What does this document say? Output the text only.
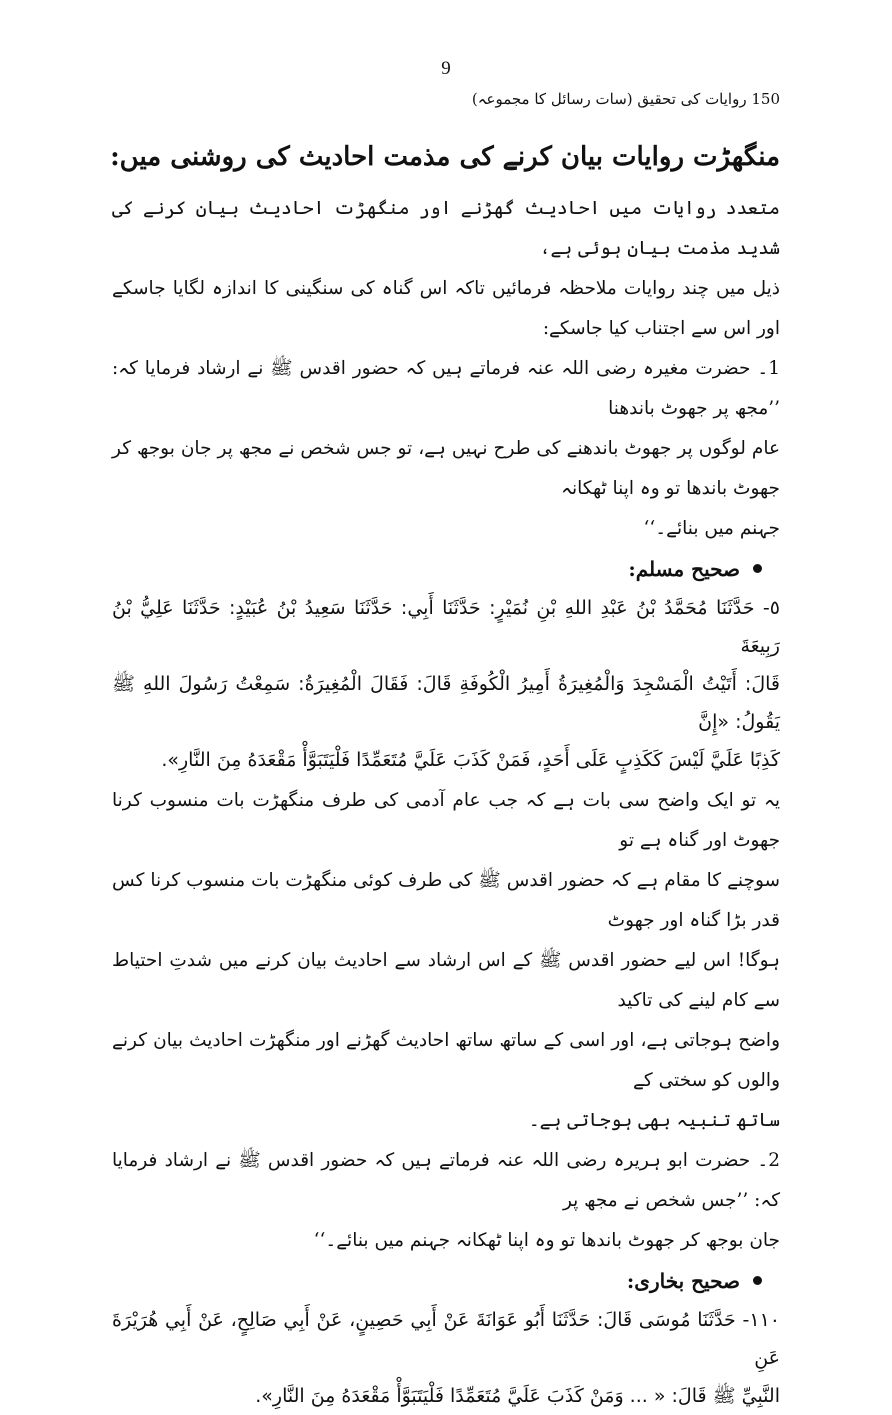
9
150 روایات کی تحقیق (سات رسائل کا مجموعہ)
منگھڑت روایات بیان کرنے کی مذمت احادیث کی روشنی میں:

متعدد روایات میں احادیث گھڑنے اور منگھڑت احادیث بیان کرنے کی شدید مذمت بیان ہوئی ہے،

ذیل میں چند روایات ملاحظہ فرمائیں تاکہ اس گناہ کی سنگینی کا اندازہ لگایا جاسکے اور اس سے اجتناب کیا جاسکے:

1۔ حضرت مغیرہ رضی اللہ عنہ فرماتے ہیں کہ حضور اقدس ﷺ نے ارشاد فرمایا کہ: ’’مجھ پر جھوٹ باندھنا

عام لوگوں پر جھوٹ باندھنے کی طرح نہیں ہے، تو جس شخص نے مجھ پر جان بوجھ کر جھوٹ باندھا تو وہ اپنا ٹھکانہ

جہنم میں بنائے۔‘‘

صحیح مسلم:

٥- حَدَّثَنَا مُحَمَّدُ بْنُ عَبْدِ اللهِ بْنِ نُمَيْرٍ: حَدَّثَنَا أَبِي: حَدَّثَنَا سَعِيدُ بْنُ عُبَيْدٍ: حَدَّثَنَا عَلِيُّ بْنُ رَبِيعَةَ

قَالَ: أَتَيْتُ الْمَسْجِدَ وَالْمُغِيرَةُ أَمِيرُ الْكُوفَةِ قَالَ: فَقَالَ الْمُغِيرَةُ: سَمِعْتُ رَسُولَ اللهِ ﷺ يَقُولُ: «إِنَّ

كَذِبًا عَلَيَّ لَيْسَ كَكَذِبٍ عَلَى أَحَدٍ، فَمَنْ كَذَبَ عَلَيَّ مُتَعَمِّدًا فَلْيَتَبَوَّأْ مَقْعَدَهُ مِنَ النَّارِ».

یہ تو ایک واضح سی بات ہے کہ جب عام آدمی کی طرف منگھڑت بات منسوب کرنا جھوٹ اور گناہ ہے تو

سوچنے کا مقام ہے کہ حضور اقدس ﷺ کی طرف کوئی منگھڑت بات منسوب کرنا کس قدر بڑا گناہ اور جھوٹ

ہوگا! اس لیے حضور اقدس ﷺ کے اس ارشاد سے احادیث بیان کرنے میں شدتِ احتیاط سے کام لینے کی تاکید

واضح ہوجاتی ہے، اور اسی کے ساتھ ساتھ احادیث گھڑنے اور منگھڑت احادیث بیان کرنے والوں کو سختی کے

ساتھ تنبیہ بھی ہوجاتی ہے۔

2۔ حضرت ابو ہریرہ رضی اللہ عنہ فرماتے ہیں کہ حضور اقدس ﷺ نے ارشاد فرمایا کہ: ’’جس شخص نے مجھ پر

جان بوجھ کر جھوٹ باندھا تو وہ اپنا ٹھکانہ جہنم میں بنائے۔‘‘

صحیح بخاری:

١١٠- حَدَّثَنَا مُوسَى قَالَ: حَدَّثَنَا أَبُو عَوَانَةَ عَنْ أَبِي حَصِينٍ، عَنْ أَبِي صَالِحٍ، عَنْ أَبِي هُرَيْرَةَ عَنِ

النَّبِيِّ ﷺ قَالَ: « ... وَمَنْ كَذَبَ عَلَيَّ مُتَعَمِّدًا فَلْيَتَبَوَّأْ مَقْعَدَهُ مِنَ النَّارِ».
